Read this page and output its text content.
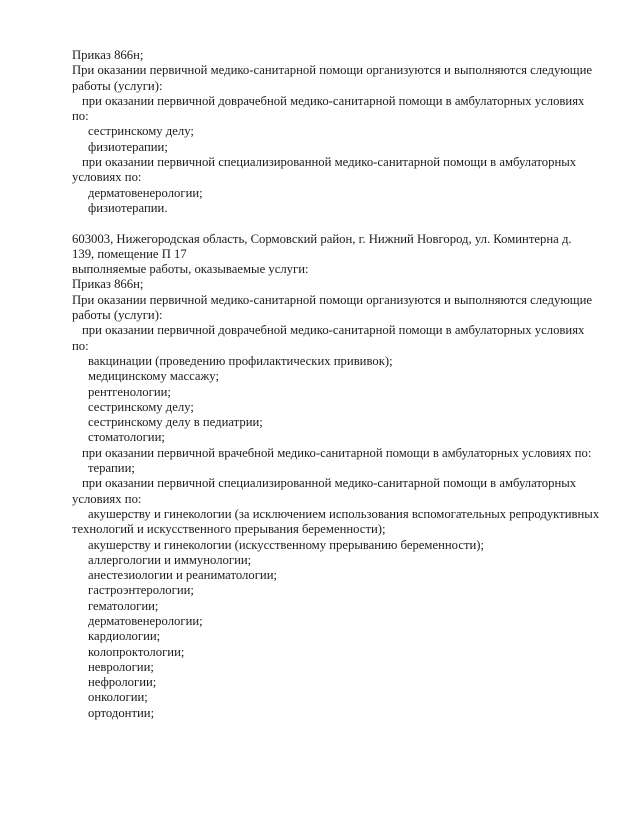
Приказ 866н;
При оказании первичной медико-санитарной помощи организуются и выполняются следующие
работы (услуги):
при оказании первичной доврачебной медико-санитарной помощи в амбулаторных условиях
по:
сестринскому делу;
физиотерапии;
при оказании первичной специализированной медико-санитарной помощи в амбулаторных
условиях по:
дерматовенерологии;
физиотерапии.

603003, Нижегородская область, Сормовский район, г. Нижний Новгород, ул. Коминтерна д.
139, помещение П 17
выполняемые работы, оказываемые услуги:
Приказ 866н;
При оказании первичной медико-санитарной помощи организуются и выполняются следующие
работы (услуги):
при оказании первичной доврачебной медико-санитарной помощи в амбулаторных условиях
по:
вакцинации (проведению профилактических прививок);
медицинскому массажу;
рентгенологии;
сестринскому делу;
сестринскому делу в педиатрии;
стоматологии;
при оказании первичной врачебной медико-санитарной помощи в амбулаторных условиях по:
терапии;
при оказании первичной специализированной медико-санитарной помощи в амбулаторных
условиях по:
акушерству и гинекологии (за исключением использования вспомогательных репродуктивных
технологий и искусственного прерывания беременности);
акушерству и гинекологии (искусственному прерыванию беременности);
аллергологии и иммунологии;
анестезиологии и реаниматологии;
гастроэнтерологии;
гематологии;
дерматовенерологии;
кардиологии;
колопроктологии;
неврологии;
нефрологии;
онкологии;
ортодонтии;
